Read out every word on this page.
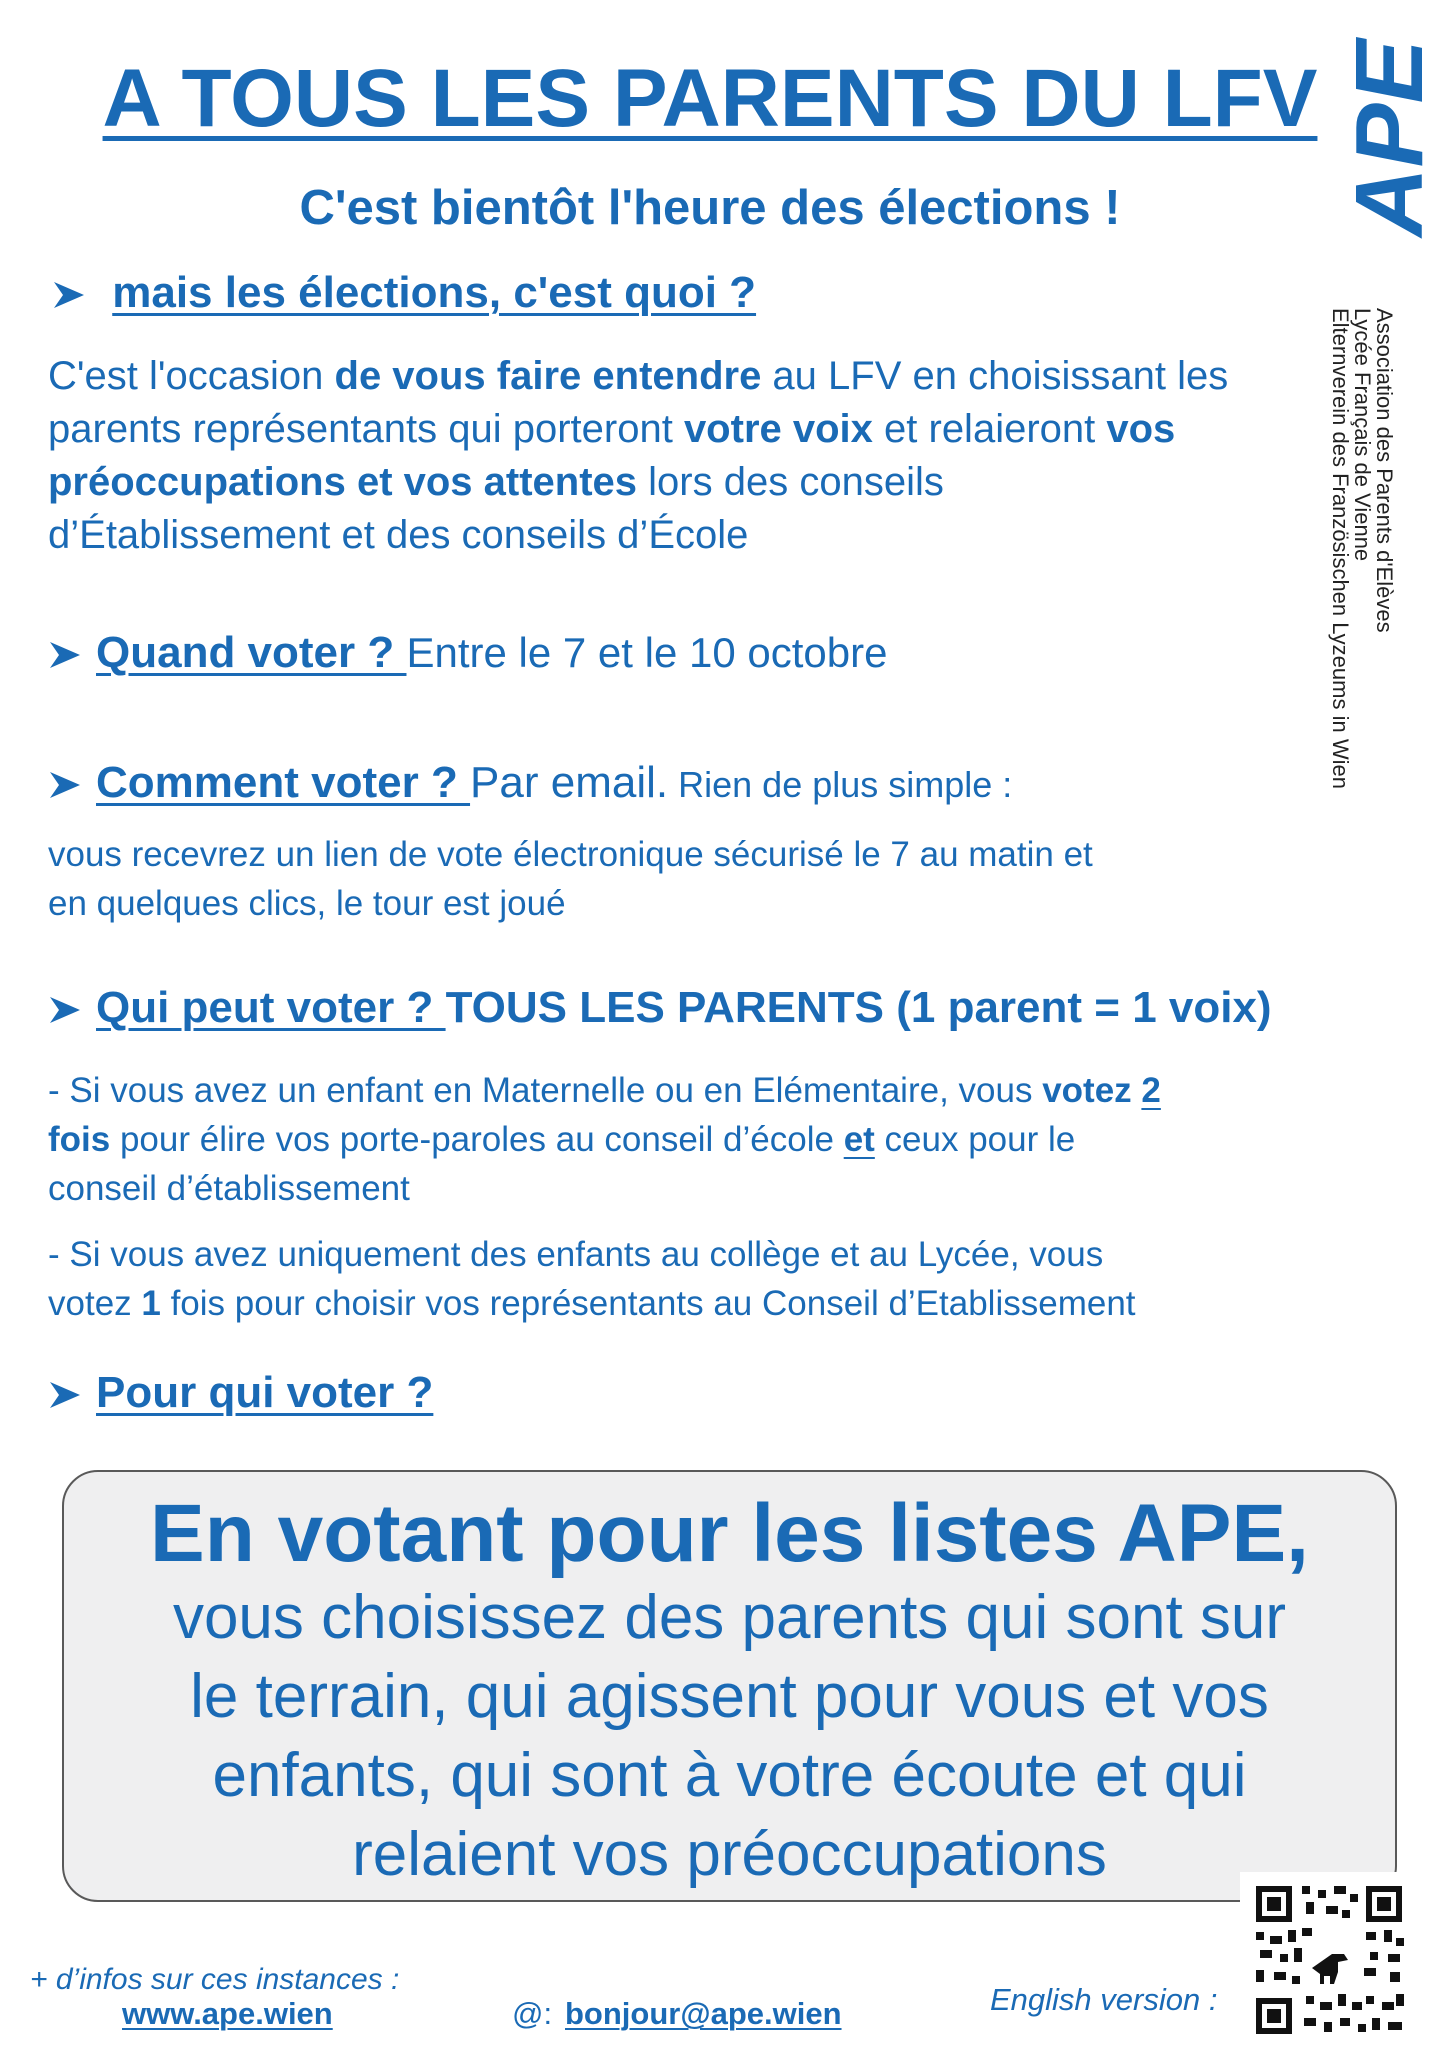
A TOUS LES PARENTS DU LFV
C'est bientôt l'heure des élections !	APE
Association des Parents d'Elèves
Lycée Français de Vienne
Elternverein des Französischen Lyzeums in Wien
mais les élections, c'est quoi ?
C'est l'occasion de vous faire entendre au LFV en choisissant les
parents représentants qui porteront votre voix et relaieront vos
préoccupations et vos attentes lors des conseils
d’Établissement et des conseils d’École
Quand voter ? Entre le 7 et le 10 octobre
Comment voter ? Par email. Rien de plus simple :
vous recevrez un lien de vote électronique sécurisé le 7 au matin et
en quelques clics, le tour est joué
Qui peut voter ? TOUS LES PARENTS (1 parent = 1 voix)
- Si vous avez un enfant en Maternelle ou en Elémentaire, vous votez 2
fois pour élire vos porte-paroles au conseil d’école et ceux pour le
conseil d’établissement
- Si vous avez uniquement des enfants au collège et au Lycée, vous
votez 1 fois pour choisir vos représentants au Conseil d’Etablissement
Pour qui voter ?
En votant pour les listes APE,
vous choisissez des parents qui sont sur
le terrain, qui agissent pour vous et vos
enfants, qui sont à votre écoute et qui
relaient vos préoccupations
+ d’infos sur ces instances :
www.ape.wien	@: bonjour@ape.wien	English version :
